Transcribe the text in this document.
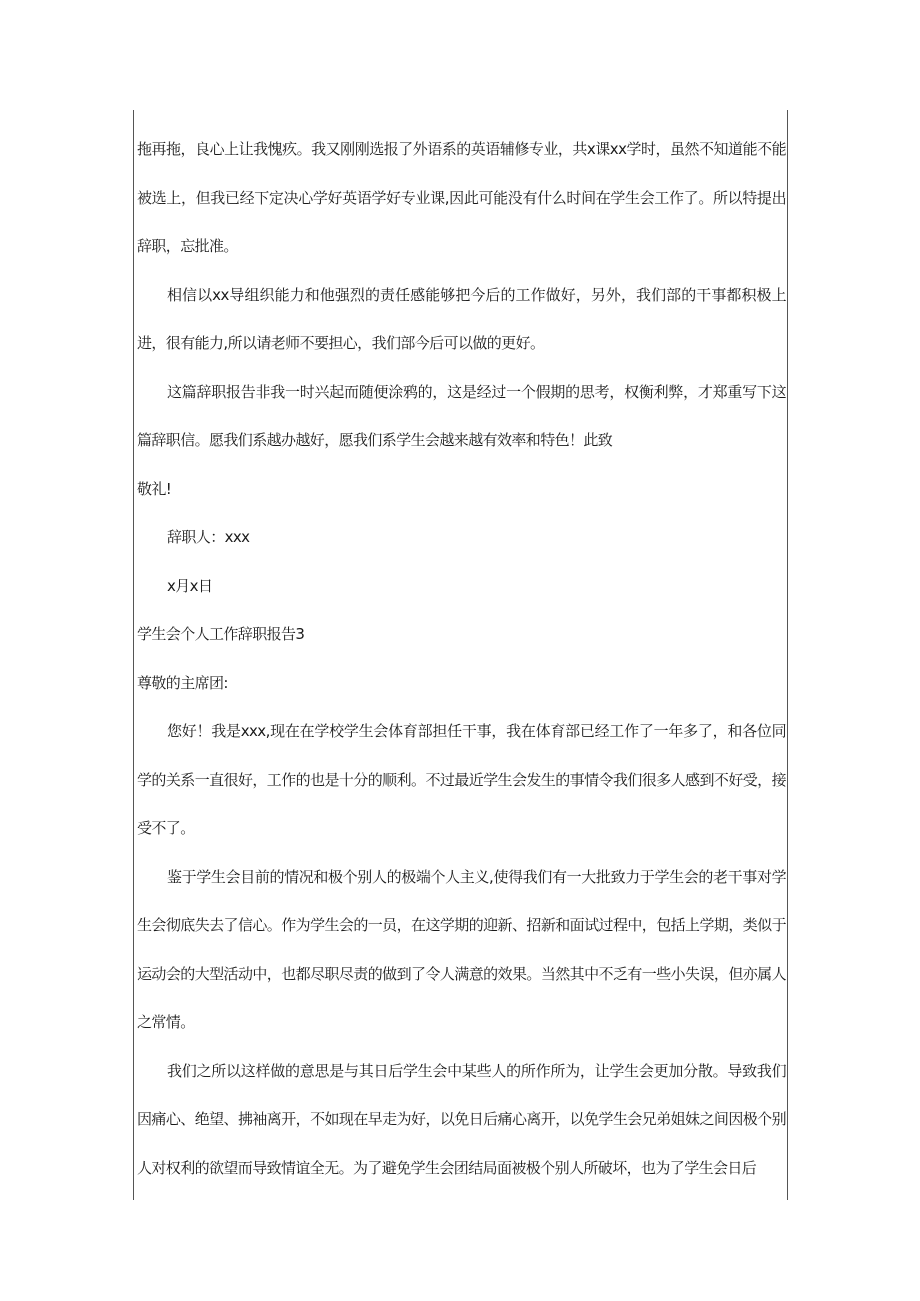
拖再拖，良心上让我愧疚。我又刚刚选报了外语系的英语辅修专业，共x课xx学时，虽然不知道能不能被选上，但我已经下定决心学好英语学好专业课,因此可能没有什么时间在学生会工作了。所以特提出辞职，忘批准。

相信以xx导组织能力和他强烈的责任感能够把今后的工作做好，另外，我们部的干事都积极上进，很有能力,所以请老师不要担心，我们部今后可以做的更好。

这篇辞职报告非我一时兴起而随便涂鸦的，这是经过一个假期的思考，权衡利弊，才郑重写下这篇辞职信。愿我们系越办越好，愿我们系学生会越来越有效率和特色！此致

敬礼!

辞职人：xxx

x月x日

学生会个人工作辞职报告3

尊敬的主席团:

您好！我是xxx,现在在学校学生会体育部担任干事，我在体育部已经工作了一年多了，和各位同学的关系一直很好，工作的也是十分的顺利。不过最近学生会发生的事情令我们很多人感到不好受，接受不了。

鉴于学生会目前的情况和极个别人的极端个人主义,使得我们有一大批致力于学生会的老干事对学生会彻底失去了信心。作为学生会的一员，在这学期的迎新、招新和面试过程中，包括上学期，类似于运动会的大型活动中，也都尽职尽责的做到了令人满意的效果。当然其中不乏有一些小失误，但亦属人之常情。

我们之所以这样做的意思是与其日后学生会中某些人的所作所为，让学生会更加分散。导致我们因痛心、绝望、拂袖离开，不如现在早走为好，以免日后痛心离开，以免学生会兄弟姐妹之间因极个别人对权利的欲望而导致情谊全无。为了避免学生会团结局面被极个别人所破坏，也为了学生会日后
